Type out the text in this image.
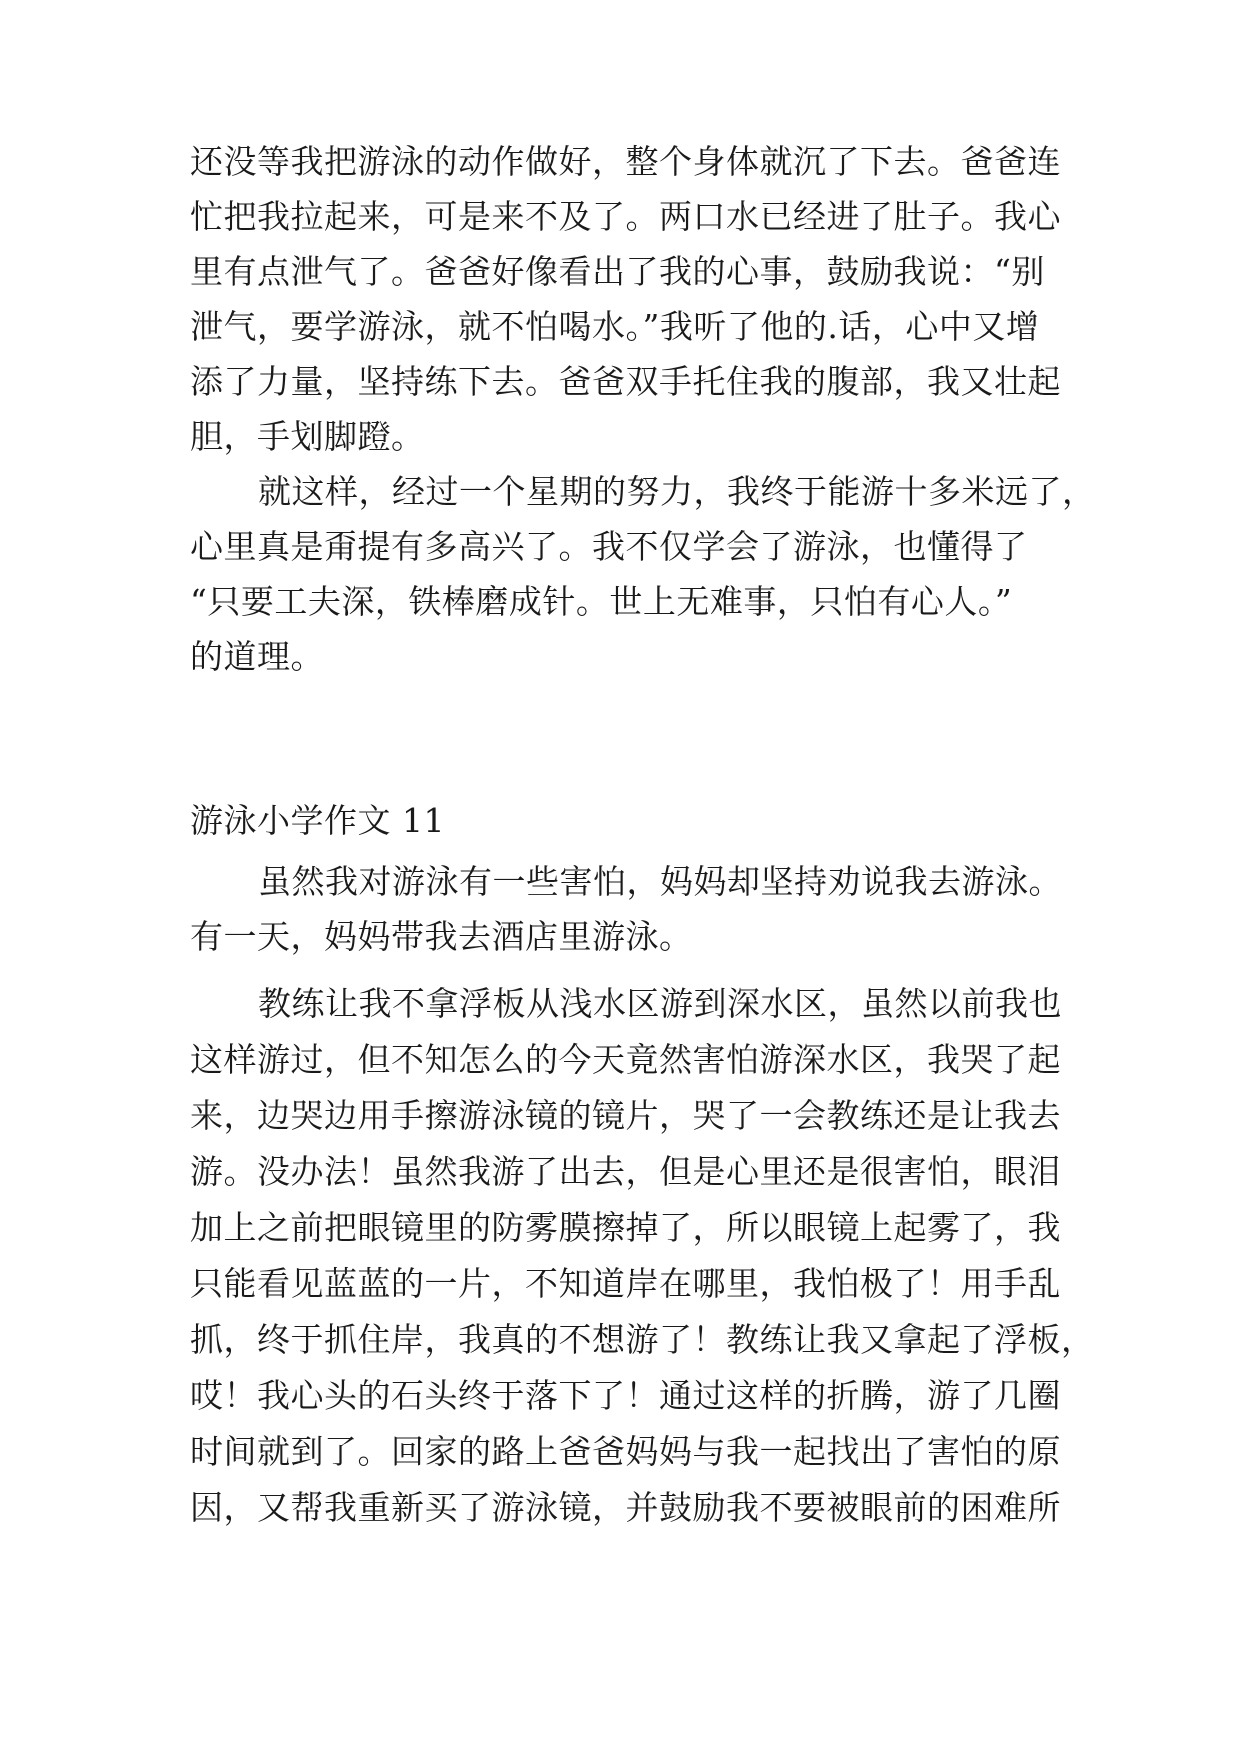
还没等我把游泳的动作做好，整个身体就沉了下去。爸爸连
忙把我拉起来，可是来不及了。两口水已经进了肚子。我心
里有点泄气了。爸爸好像看出了我的心事，鼓励我说：“别
泄气，要学游泳，就不怕喝水。”我听了他的.话，心中又增
添了力量，坚持练下去。爸爸双手托住我的腹部，我又壮起
胆，手划脚蹬。
就这样，经过一个星期的努力，我终于能游十多米远了，
心里真是甭提有多高兴了。我不仅学会了游泳，也懂得了
“只要工夫深，铁棒磨成针。世上无难事，只怕有心人。”
的道理。
游泳小学作文 11
虽然我对游泳有一些害怕，妈妈却坚持劝说我去游泳。
有一天，妈妈带我去酒店里游泳。
教练让我不拿浮板从浅水区游到深水区，虽然以前我也
这样游过，但不知怎么的今天竟然害怕游深水区，我哭了起
来，边哭边用手擦游泳镜的镜片，哭了一会教练还是让我去
游。没办法！虽然我游了出去，但是心里还是很害怕，眼泪
加上之前把眼镜里的防雾膜擦掉了，所以眼镜上起雾了，我
只能看见蓝蓝的一片，不知道岸在哪里，我怕极了！用手乱
抓，终于抓住岸，我真的不想游了！教练让我又拿起了浮板，
哎！我心头的石头终于落下了！通过这样的折腾，游了几圈
时间就到了。回家的路上爸爸妈妈与我一起找出了害怕的原
因，又帮我重新买了游泳镜，并鼓励我不要被眼前的困难所
